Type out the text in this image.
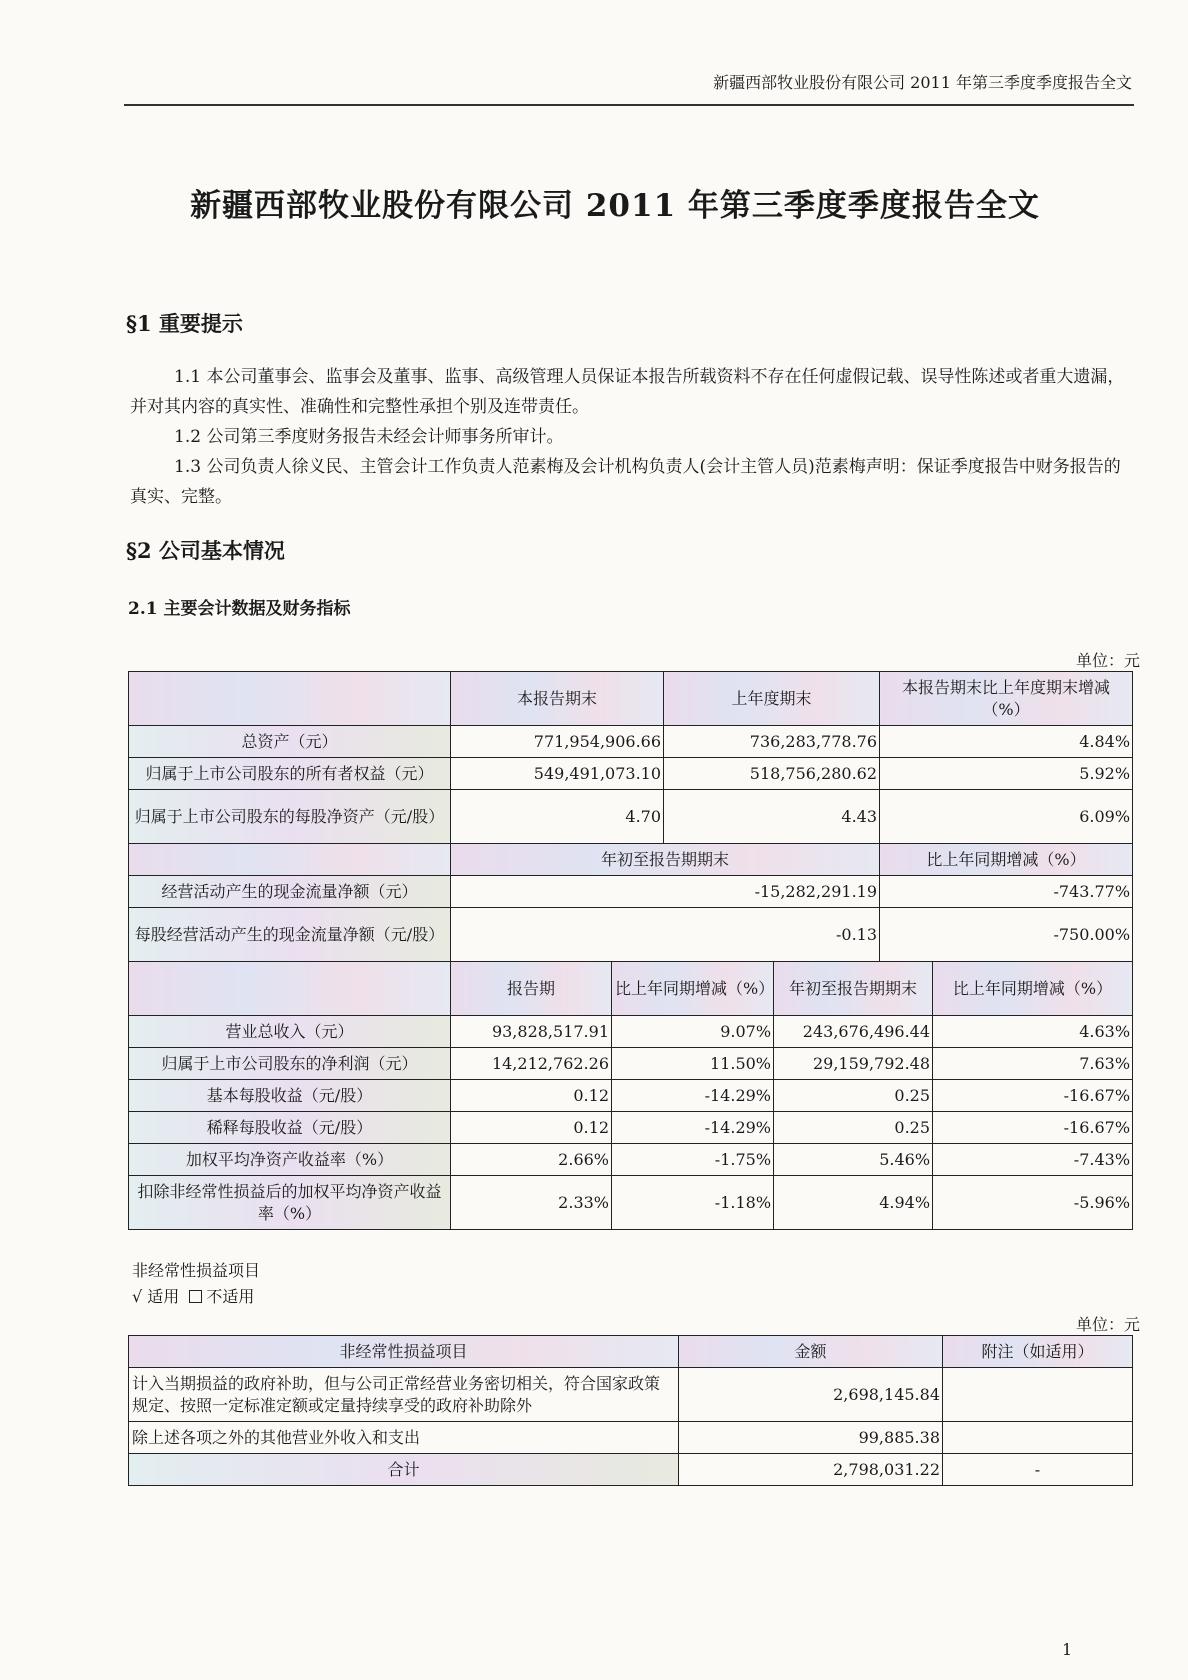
新疆西部牧业股份有限公司 2011 年第三季度季度报告全文
新疆西部牧业股份有限公司 2011 年第三季度季度报告全文
§1 重要提示
1.1 本公司董事会、监事会及董事、监事、高级管理人员保证本报告所载资料不存在任何虚假记载、误导性陈述或者重大遗漏，并对其内容的真实性、准确性和完整性承担个别及连带责任。
1.2 公司第三季度财务报告未经会计师事务所审计。
1.3 公司负责人徐义民、主管会计工作负责人范素梅及会计机构负责人(会计主管人员)范素梅声明：保证季度报告中财务报告的真实、完整。
§2 公司基本情况
2.1 主要会计数据及财务指标
单位：元
	本报告期末		上年度期末		本报告期末比上年度期末增减（%）	
总资产（元）	771,954,906.66		736,283,778.76		4.84%	
归属于上市公司股东的所有者权益（元）	549,491,073.10		518,756,280.62		5.92%	
归属于上市公司股东的每股净资产（元/股）	4.70		4.43		6.09%	
	年初至报告期期末				比上年同期增减（%）	
经营活动产生的现金流量净额（元）	-15,282,291.19				-743.77%	
每股经营活动产生的现金流量净额（元/股）	-0.13				-750.00%	
	报告期	比上年同期增减（%）		年初至报告期期末		比上年同期增减（%）
营业总收入（元）	93,828,517.91	9.07%		243,676,496.44		4.63%
归属于上市公司股东的净利润（元）	14,212,762.26	11.50%		29,159,792.48		7.63%
基本每股收益（元/股）	0.12	-14.29%		0.25		-16.67%
稀释每股收益（元/股）	0.12	-14.29%		0.25		-16.67%
加权平均净资产收益率（%）	2.66%	-1.75%		5.46%		-7.43%
扣除非经常性损益后的加权平均净资产收益率（%）	2.33%	-1.18%		4.94%		-5.96%
非经常性损益项目
√ 适用 不适用
单位：元
非经常性损益项目	金额	附注（如适用）
计入当期损益的政府补助，但与公司正常经营业务密切相关，符合国家政策规定、按照一定标准定额或定量持续享受的政府补助除外	2,698,145.84	
除上述各项之外的其他营业外收入和支出	99,885.38	
合计	2,798,031.22	-
1
